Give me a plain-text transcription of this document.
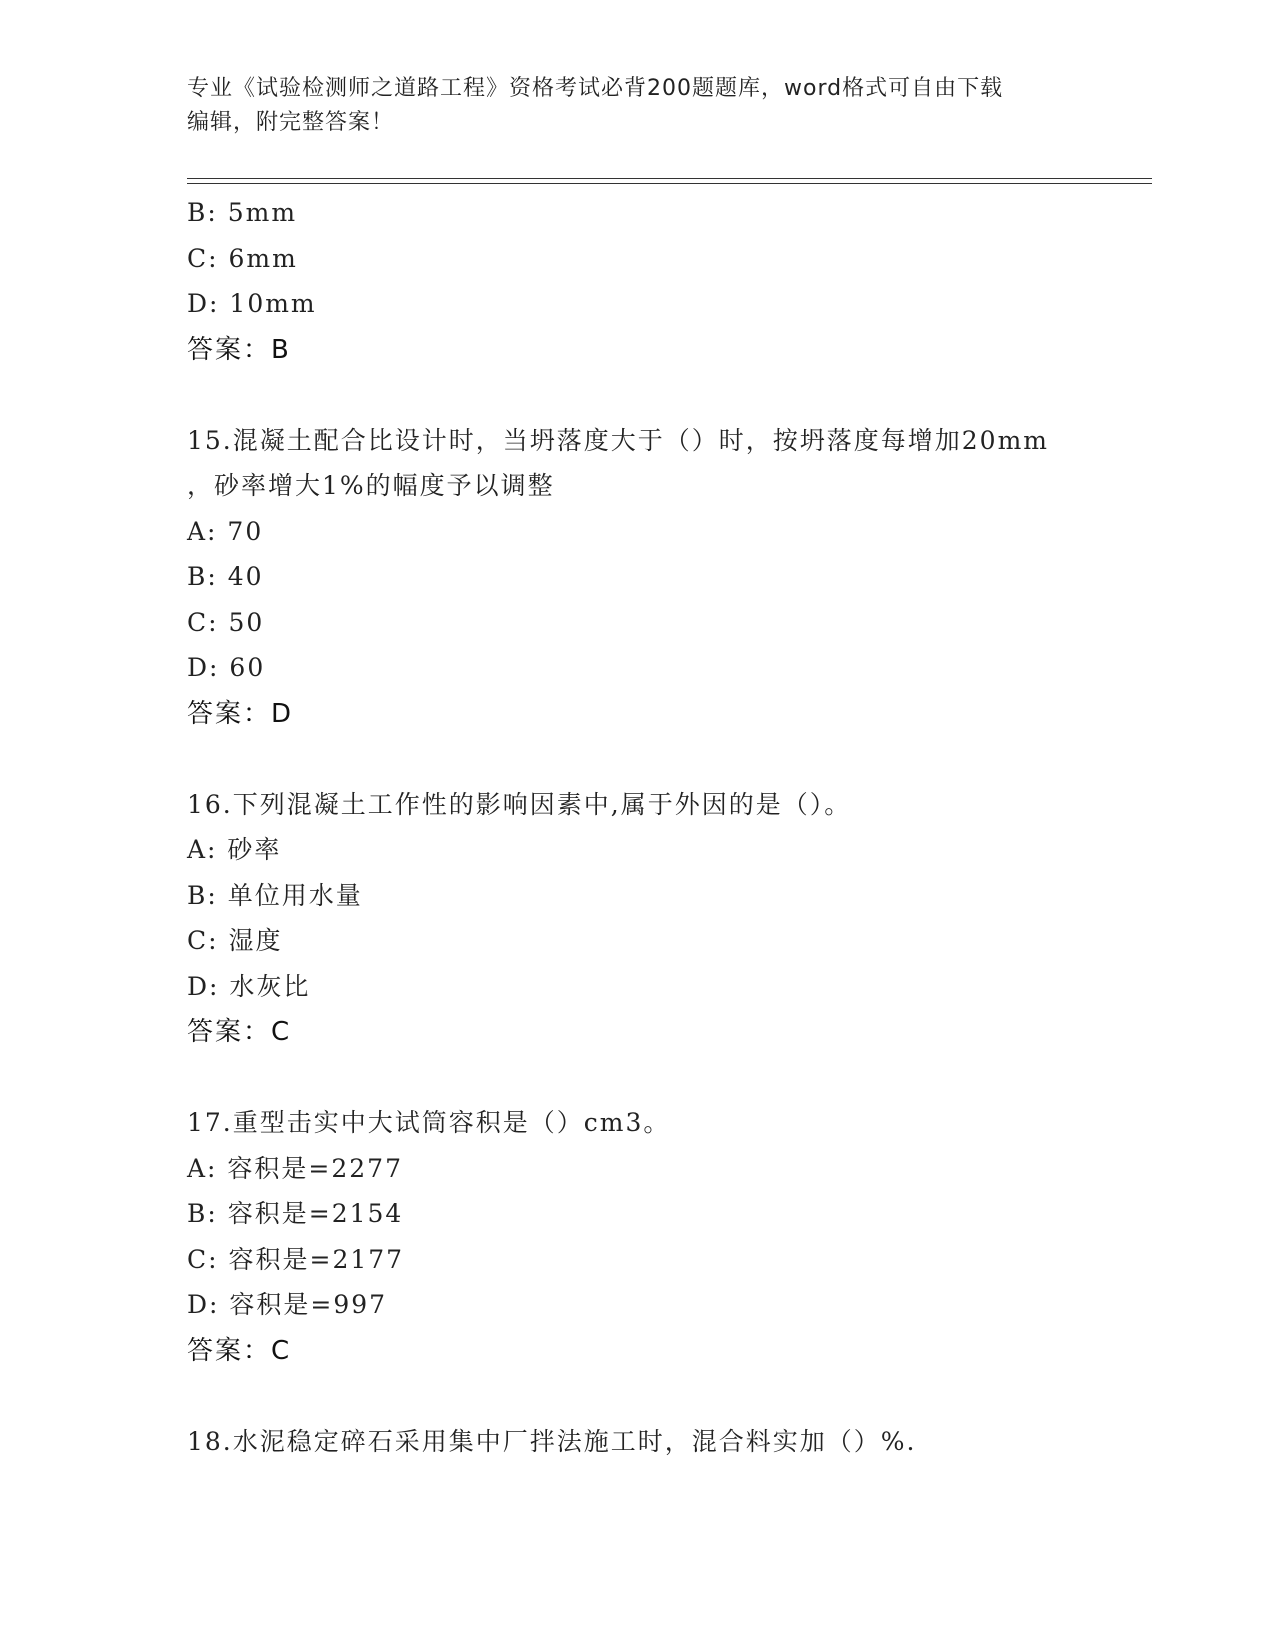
专业《试验检测师之道路工程》资格考试必背200题题库，word格式可自由下载
编辑，附完整答案！
B: 5mm
C: 6mm
D: 10mm
答案：B
15.混凝土配合比设计时，当坍落度大于（）时，按坍落度每增加20mm
，砂率增大1%的幅度予以调整
A: 70
B: 40
C: 50
D: 60
答案：D
16.下列混凝土工作性的影响因素中,属于外因的是（）。
A: 砂率
B: 单位用水量
C: 湿度
D: 水灰比
答案：C
17.重型击实中大试筒容积是（）cm3。
A: 容积是=2277
B: 容积是=2154
C: 容积是=2177
D: 容积是=997
答案：C
18.水泥稳定碎石采用集中厂拌法施工时，混合料实加（）%.
